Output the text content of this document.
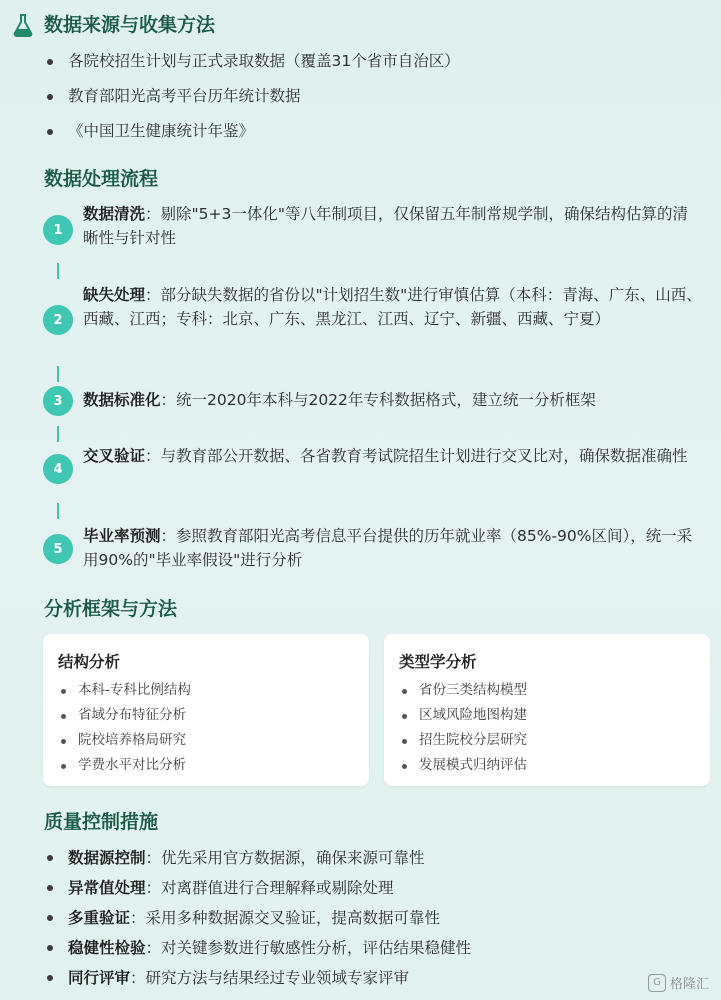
数据来源与收集方法
各院校招生计划与正式录取数据（覆盖31个省市自治区）
教育部阳光高考平台历年统计数据
《中国卫生健康统计年鉴》
数据处理流程
1
数据清洗：剔除"5+3一体化"等八年制项目，仅保留五年制常规学制，确保结构估算的清晰性与针对性
2
缺失处理：部分缺失数据的省份以"计划招生数"进行审慎估算（本科：青海、广东、山西、西藏、江西；专科：北京、广东、黑龙江、江西、辽宁、新疆、西藏、宁夏）
3	数据标准化：统一2020年本科与2022年专科数据格式，建立统一分析框架
4
交叉验证：与教育部公开数据、各省教育考试院招生计划进行交叉比对，确保数据准确性
5
毕业率预测：参照教育部阳光高考信息平台提供的历年就业率（85%-90%区间），统一采用90%的"毕业率假设"进行分析
分析框架与方法
结构分析
本科-专科比例结构
省域分布特征分析
院校培养格局研究
学费水平对比分析
类型学分析
省份三类结构模型
区域风险地图构建
招生院校分层研究
发展模式归纳评估
质量控制措施
数据源控制：优先采用官方数据源，确保来源可靠性
异常值处理：对离群值进行合理解释或剔除处理
多重验证：采用多种数据源交叉验证，提高数据可靠性
稳健性检验：对关键参数进行敏感性分析，评估结果稳健性
同行评审：研究方法与结果经过专业领域专家评审	G 格隆汇
